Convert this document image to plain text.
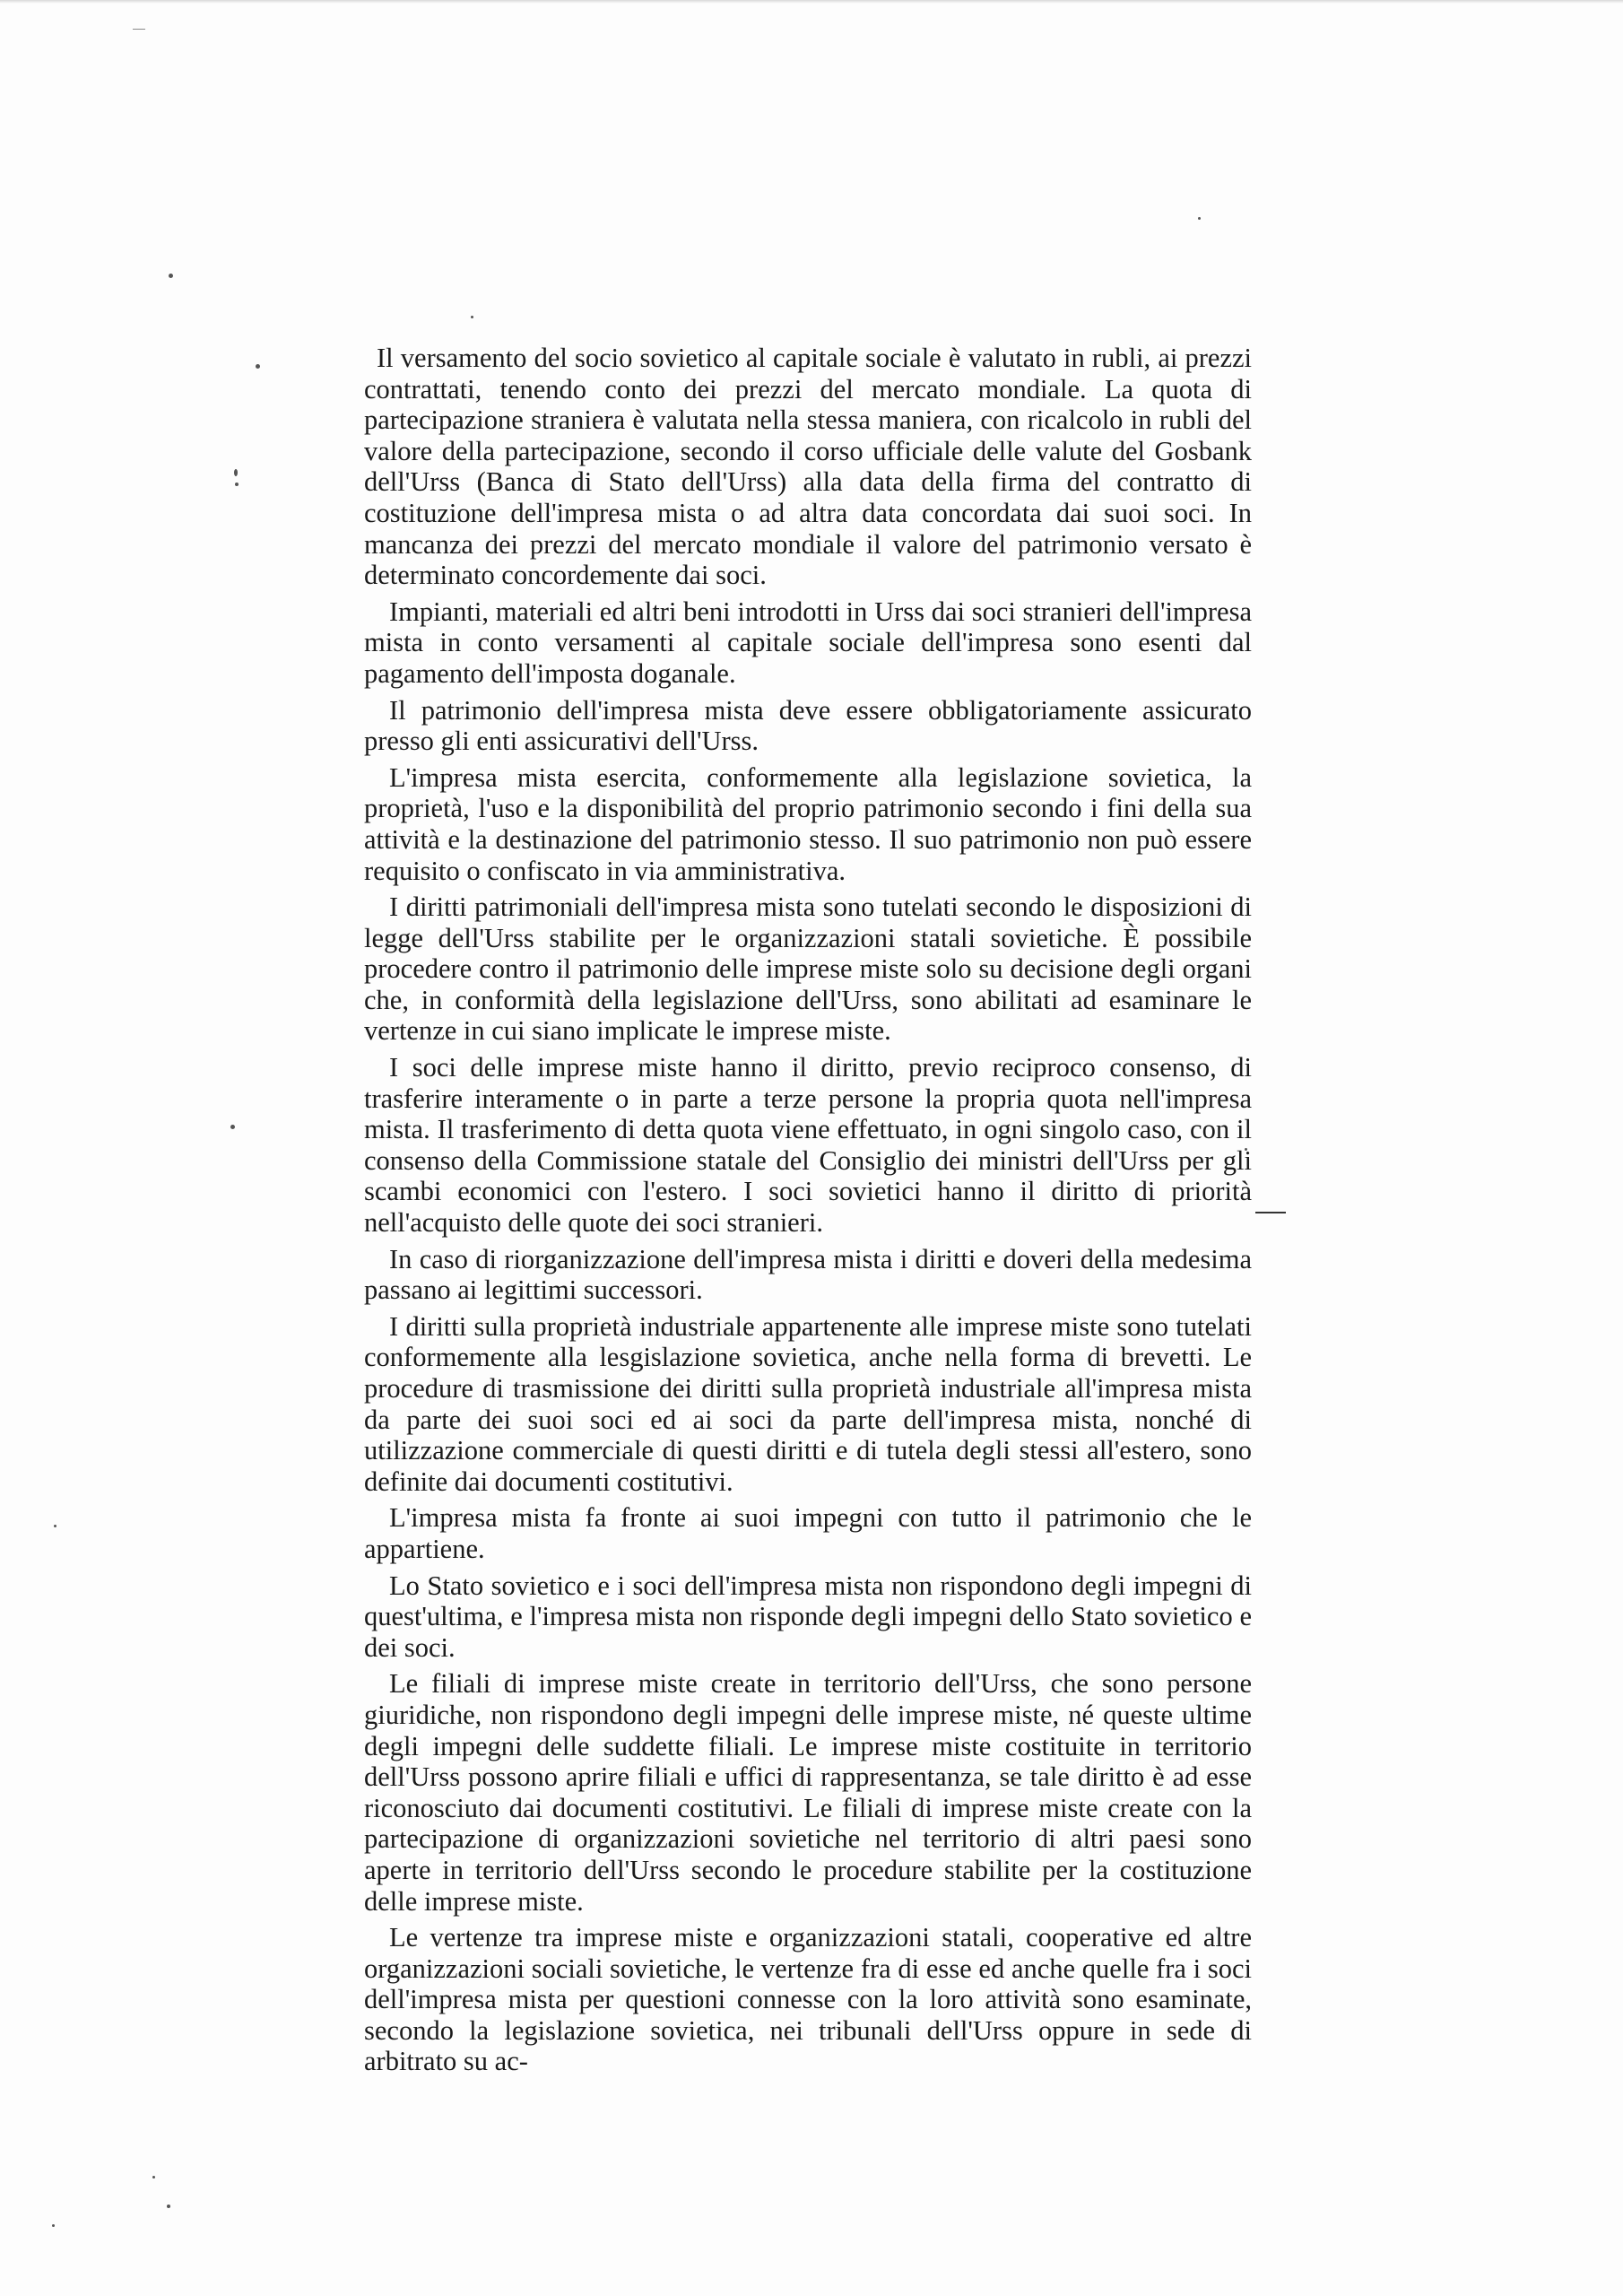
Il versamento del socio sovietico al capitale sociale è valutato in rubli, ai prezzi contrattati, tenendo conto dei prezzi del mercato mondiale. La quota di partecipazione straniera è valutata nella stessa maniera, con ricalcolo in rubli del valore della partecipazione, secondo il corso ufficiale delle valute del Gosbank dell'Urss (Banca di Stato dell'Urss) alla data della firma del contratto di costituzione dell'impresa mista o ad altra data concordata dai suoi soci. In mancanza dei prezzi del mercato mondiale il valore del patrimonio versato è determinato concordemente dai soci.

Impianti, materiali ed altri beni introdotti in Urss dai soci stranieri dell'impresa mista in conto versamenti al capitale sociale dell'impresa sono esenti dal pagamento dell'imposta doganale.

Il patrimonio dell'impresa mista deve essere obbligatoriamente assicurato presso gli enti assicurativi dell'Urss.

L'impresa mista esercita, conformemente alla legislazione sovietica, la proprietà, l'uso e la disponibilità del proprio patrimonio secondo i fini della sua attività e la destinazione del patrimonio stesso. Il suo patrimonio non può essere requisito o confiscato in via amministrativa.

I diritti patrimoniali dell'impresa mista sono tutelati secondo le disposizioni di legge dell'Urss stabilite per le organizzazioni statali sovietiche. È possibile procedere contro il patrimonio delle imprese miste solo su decisione degli organi che, in conformità della legislazione dell'Urss, sono abilitati ad esaminare le vertenze in cui siano implicate le imprese miste.

I soci delle imprese miste hanno il diritto, previo reciproco consenso, di trasferire interamente o in parte a terze persone la propria quota nell'impresa mista. Il trasferimento di detta quota viene effettuato, in ogni singolo caso, con il consenso della Commissione statale del Consiglio dei ministri dell'Urss per gli scambi economici con l'estero. I soci sovietici hanno il diritto di priorità nell'acquisto delle quote dei soci stranieri.

In caso di riorganizzazione dell'impresa mista i diritti e doveri della medesima passano ai legittimi successori.

I diritti sulla proprietà industriale appartenente alle imprese miste sono tutelati conformemente alla lesgislazione sovietica, anche nella forma di brevetti. Le procedure di trasmissione dei diritti sulla proprietà industriale all'impresa mista da parte dei suoi soci ed ai soci da parte dell'impresa mista, nonché di utilizzazione commerciale di questi diritti e di tutela degli stessi all'estero, sono definite dai documenti costitutivi.

L'impresa mista fa fronte ai suoi impegni con tutto il patrimonio che le appartiene.

Lo Stato sovietico e i soci dell'impresa mista non rispondono degli impegni di quest'ultima, e l'impresa mista non risponde degli impegni dello Stato sovietico e dei soci.

Le filiali di imprese miste create in territorio dell'Urss, che sono persone giuridiche, non rispondono degli impegni delle imprese miste, né queste ultime degli impegni delle suddette filiali. Le imprese miste costituite in territorio dell'Urss possono aprire filiali e uffici di rappresentanza, se tale diritto è ad esse riconosciuto dai documenti costitutivi. Le filiali di imprese miste create con la partecipazione di organizzazioni sovietiche nel territorio di altri paesi sono aperte in territorio dell'Urss secondo le procedure stabilite per la costituzione delle imprese miste.

Le vertenze tra imprese miste e organizzazioni statali, cooperative ed altre organizzazioni sociali sovietiche, le vertenze fra di esse ed anche quelle fra i soci dell'impresa mista per questioni connesse con la loro attività sono esaminate, secondo la legislazione sovietica, nei tribunali dell'Urss oppure in sede di arbitrato su ac-
